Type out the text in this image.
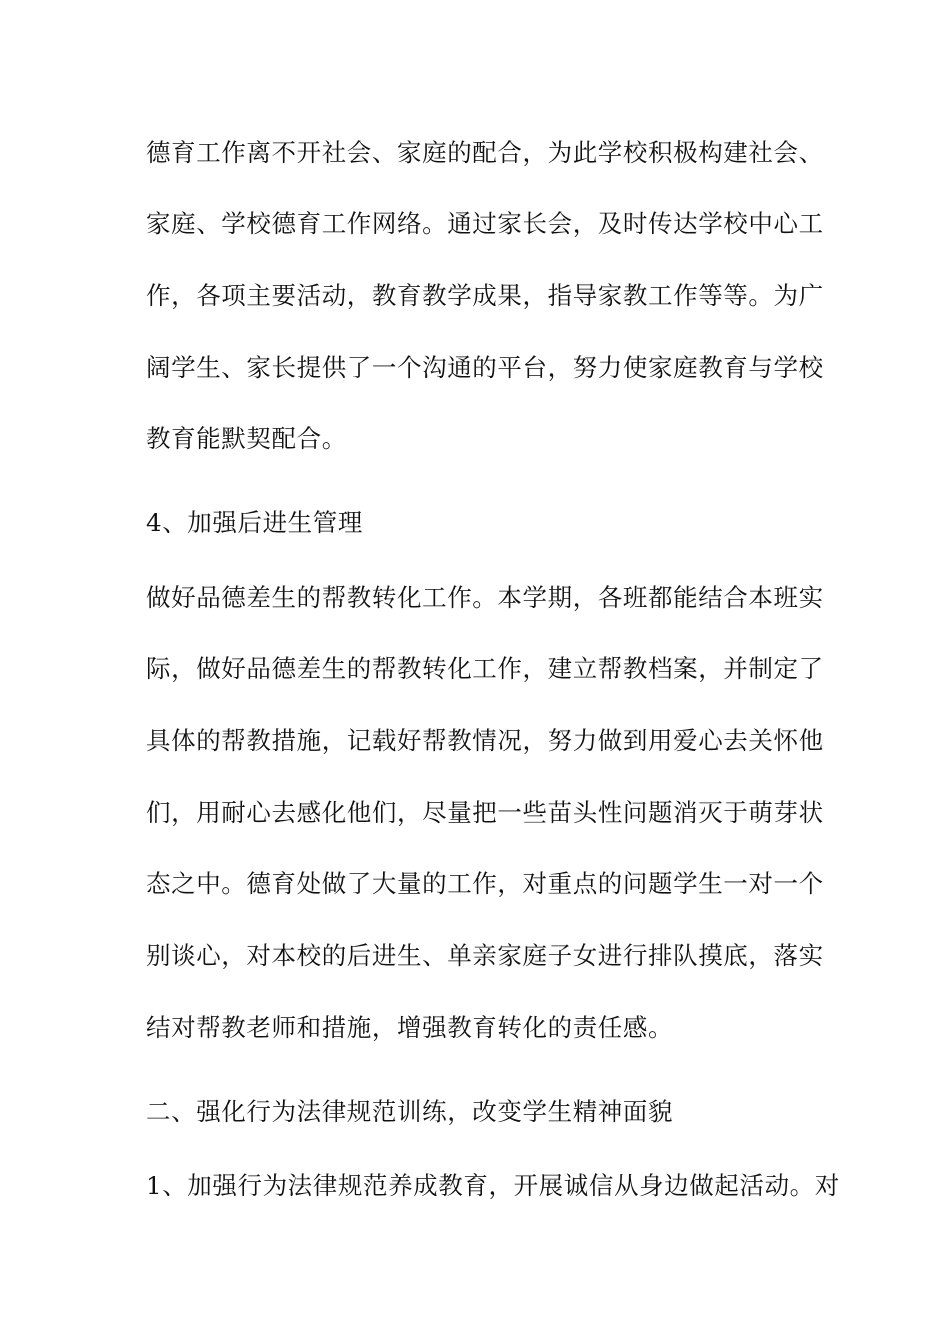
德育工作离不开社会、家庭的配合，为此学校积极构建社会、
家庭、学校德育工作网络。通过家长会，及时传达学校中心工
作，各项主要活动，教育教学成果，指导家教工作等等。为广
阔学生、家长提供了一个沟通的平台，努力使家庭教育与学校
教育能默契配合。
4、加强后进生管理
做好品德差生的帮教转化工作。本学期，各班都能结合本班实
际，做好品德差生的帮教转化工作，建立帮教档案，并制定了
具体的帮教措施，记载好帮教情况，努力做到用爱心去关怀他
们，用耐心去感化他们，尽量把一些苗头性问题消灭于萌芽状
态之中。德育处做了大量的工作，对重点的问题学生一对一个
别谈心，对本校的后进生、单亲家庭子女进行排队摸底，落实
结对帮教老师和措施，增强教育转化的责任感。
二、强化行为法律规范训练，改变学生精神面貌
1、加强行为法律规范养成教育，开展诚信从身边做起活动。对
